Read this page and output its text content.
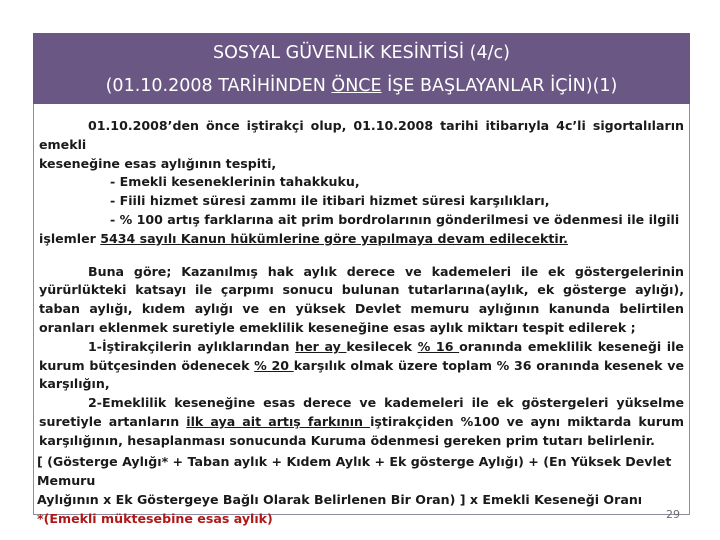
SOSYAL GÜVENLİK KESİNTİSİ (4/c)
(01.10.2008 TARİHİNDEN ÖNCE İŞE BAŞLAYANLAR İÇİN)(1)

01.10.2008’den önce iştirakçi olup, 01.10.2008 tarihi itibarıyla 4c’li sigortalıların emekli

keseneğine esas aylığının tespiti,

- Emekli keseneklerinin tahakkuku,

- Fiili hizmet süresi zammı ile itibari hizmet süresi karşılıkları,

- % 100 artış farklarına ait prim bordrolarının gönderilmesi ve ödenmesi ile ilgili

işlemler 5434 sayılı Kanun hükümlerine göre yapılmaya devam edilecektir.

Buna göre; Kazanılmış hak aylık derece ve kademeleri ile ek göstergelerinin yürürlükteki katsayı ile çarpımı sonucu bulunan tutarlarına(aylık, ek gösterge aylığı), taban aylığı, kıdem aylığı ve en yüksek Devlet memuru aylığının kanunda belirtilen oranları eklenmek suretiyle emeklilik keseneğine esas aylık miktarı tespit edilerek ;

1-İştirakçilerin aylıklarından her ay kesilecek % 16 oranında emeklilik keseneği ile kurum bütçesinden ödenecek % 20 karşılık olmak üzere toplam % 36 oranında kesenek ve karşılığın,

2-Emeklilik keseneğine esas derece ve kademeleri ile ek göstergeleri yükselme suretiyle artanların ilk aya ait artış farkının iştirakçiden %100 ve aynı miktarda kurum karşılığının, hesaplanması sonucunda Kuruma ödenmesi gereken prim tutarı belirlenir.

[ (Gösterge Aylığı* + Taban aylık + Kıdem Aylık + Ek gösterge Aylığı) + (En Yüksek Devlet Memuru
Aylığının x Ek Göstergeye Bağlı Olarak Belirlenen Bir Oran) ] x Emekli Keseneği Oranı
*(Emekli müktesebine esas aylık)	29
